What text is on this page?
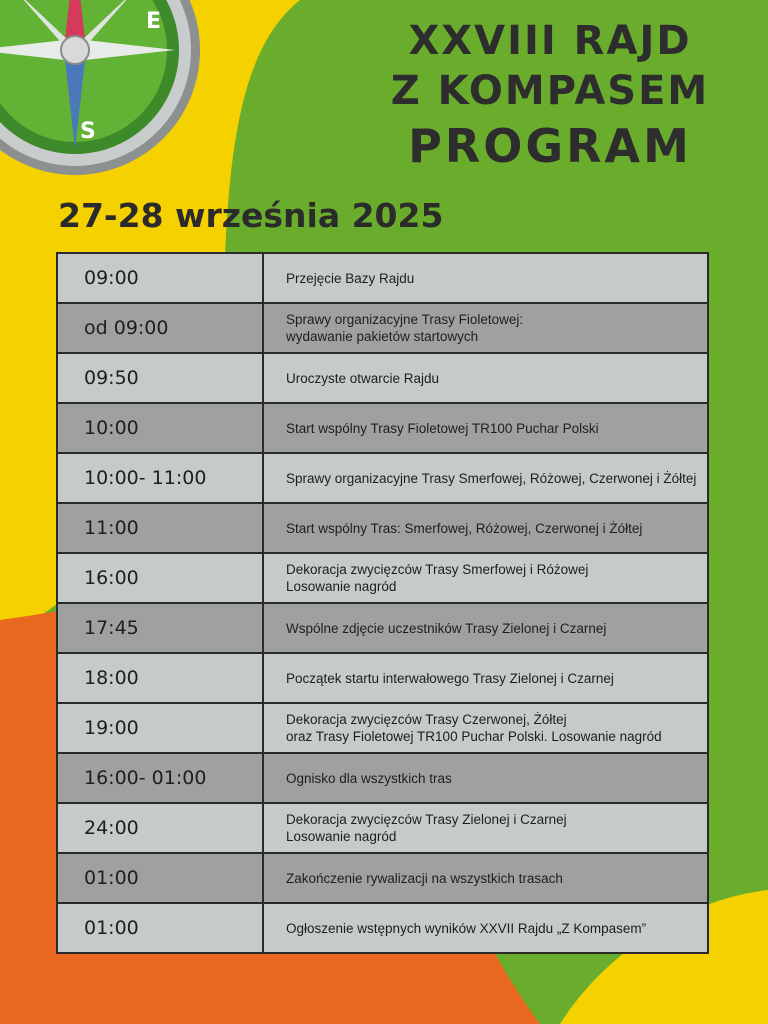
E
S
XXVIII RAJD
Z KOMPASEM
PROGRAM
27-28 września 2025
09:00	Przejęcie Bazy Rajdu

od 09:00	Sprawy organizacyjne Trasy Fioletowej:
wydawanie pakietów startowych

09:50	Uroczyste otwarcie Rajdu

10:00	Start wspólny Trasy Fioletowej TR100 Puchar Polski

10:00- 11:00	Sprawy organizacyjne Trasy Smerfowej, Różowej, Czerwonej i Żółtej

11:00	Start wspólny Tras: Smerfowej, Różowej, Czerwonej i Żółtej

16:00	Dekoracja zwycięzców Trasy Smerfowej i Różowej
Losowanie nagród

17:45	Wspólne zdjęcie uczestników Trasy Zielonej i Czarnej

18:00	Początek startu interwałowego Trasy Zielonej i Czarnej

19:00	Dekoracja zwycięzców Trasy Czerwonej, Żółtej
oraz Trasy Fioletowej TR100 Puchar Polski. Losowanie nagród

16:00- 01:00	Ognisko dla wszystkich tras

24:00	Dekoracja zwycięzców Trasy Zielonej i Czarnej
Losowanie nagród

01:00	Zakończenie rywalizacji na wszystkich trasach

01:00	Ogłoszenie wstępnych wyników XXVII Rajdu „Z Kompasem”
